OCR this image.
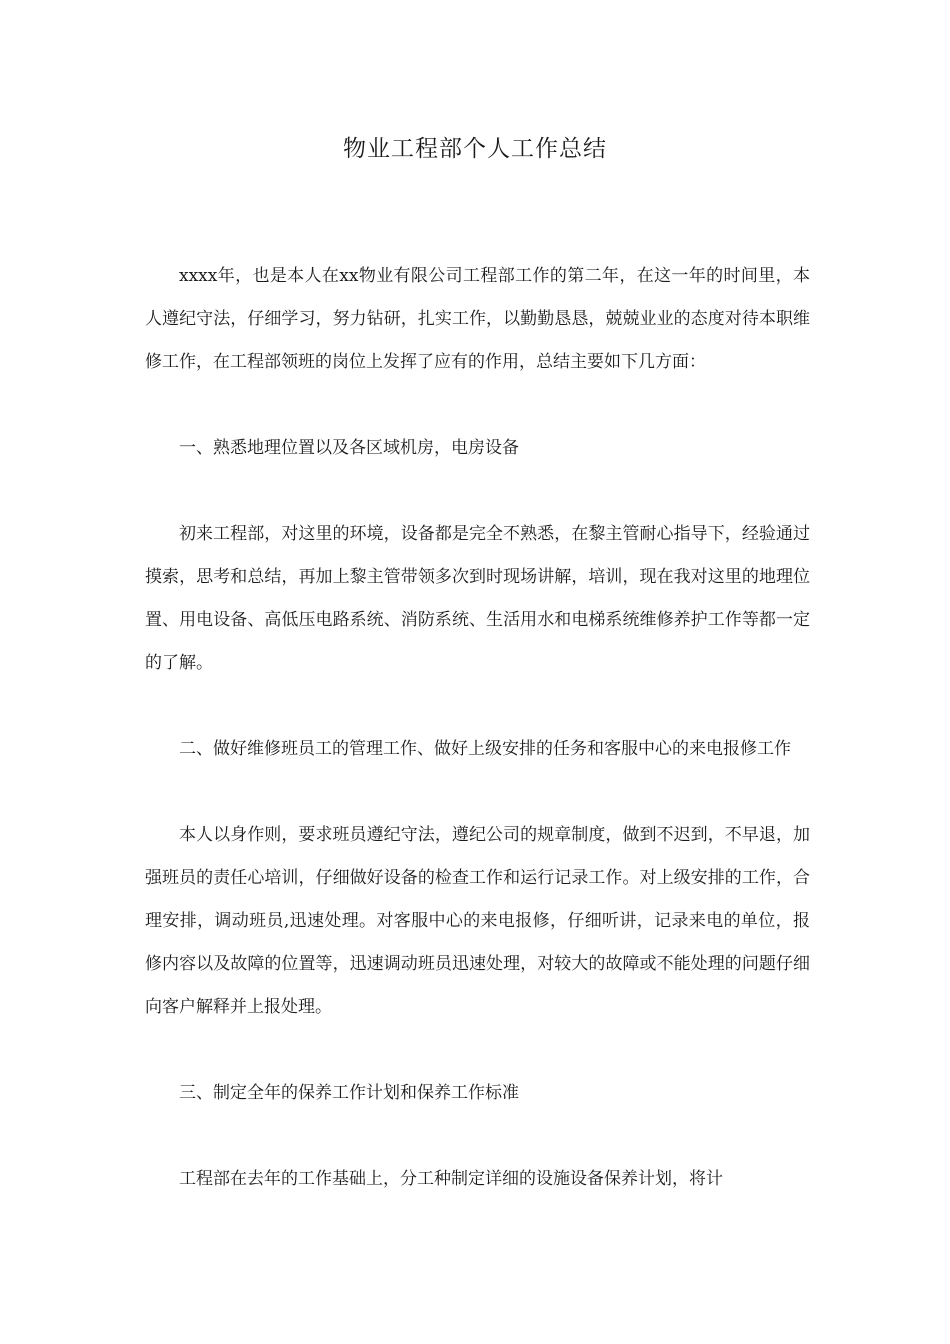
物业工程部个人工作总结

xxxx年，也是本人在xx物业有限公司工程部工作的第二年，在这一年的时间里，本人遵纪守法，仔细学习，努力钻研，扎实工作，以勤勤恳恳，兢兢业业的态度对待本职维修工作，在工程部领班的岗位上发挥了应有的作用，总结主要如下几方面：

一、熟悉地理位置以及各区域机房，电房设备

初来工程部，对这里的环境，设备都是完全不熟悉，在黎主管耐心指导下，经验通过摸索，思考和总结，再加上黎主管带领多次到时现场讲解，培训，现在我对这里的地理位置、用电设备、高低压电路系统、消防系统、生活用水和电梯系统维修养护工作等都一定的了解。

二、做好维修班员工的管理工作、做好上级安排的任务和客服中心的来电报修工作

本人以身作则，要求班员遵纪守法，遵纪公司的规章制度，做到不迟到，不早退，加强班员的责任心培训，仔细做好设备的检查工作和运行记录工作。对上级安排的工作，合理安排，调动班员,迅速处理。对客服中心的来电报修，仔细听讲，记录来电的单位，报修内容以及故障的位置等，迅速调动班员迅速处理，对较大的故障或不能处理的问题仔细向客户解释并上报处理。

三、制定全年的保养工作计划和保养工作标准

工程部在去年的工作基础上，分工种制定详细的设施设备保养计划，将计
